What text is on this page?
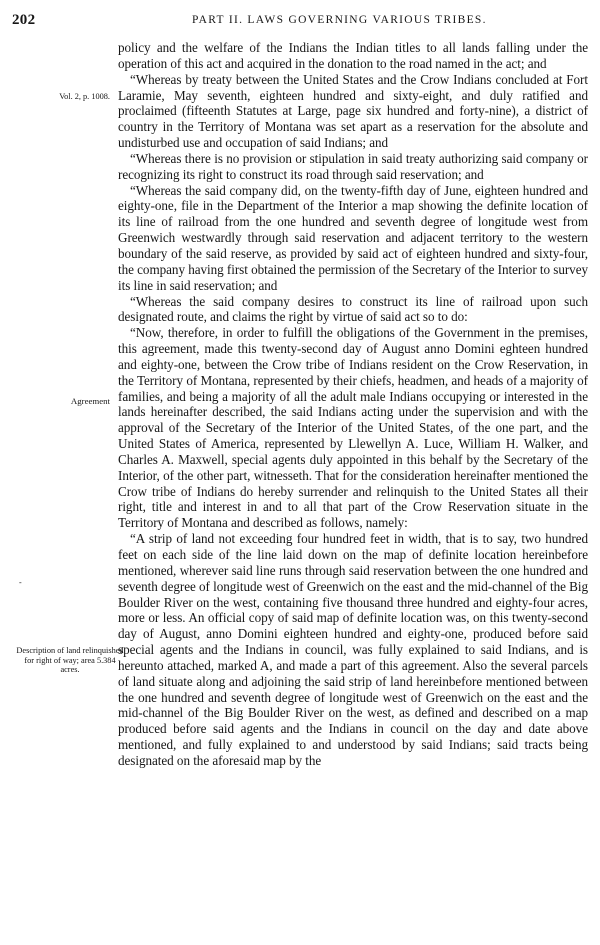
202	PART II. LAWS GOVERNING VARIOUS TRIBES.
Vol. 2, p. 1008.
Agreement
Description of land relinquished for right of way; area 5.384 acres.
-

policy and the welfare of the Indians the Indian titles to all lands falling under the operation of this act and acquired in the donation to the road named in the act; and

“Whereas by treaty between the United States and the Crow Indians concluded at Fort Laramie, May seventh, eighteen hundred and sixty-eight, and duly ratified and proclaimed (fifteenth Statutes at Large, page six hundred and forty-nine), a district of country in the Territory of Montana was set apart as a reservation for the absolute and undisturbed use and occupation of said Indians; and

“Whereas there is no provision or stipulation in said treaty authorizing said company or recognizing its right to construct its road through said reservation; and

“Whereas the said company did, on the twenty-fifth day of June, eighteen hundred and eighty-one, file in the Department of the Interior a map showing the definite location of its line of railroad from the one hundred and seventh degree of longitude west from Greenwich westwardly through said reservation and adjacent territory to the western boundary of the said reserve, as provided by said act of eighteen hundred and sixty-four, the company having first obtained the permission of the Secretary of the Interior to survey its line in said reservation; and

“Whereas the said company desires to construct its line of railroad upon such designated route, and claims the right by virtue of said act so to do:

“Now, therefore, in order to fulfill the obligations of the Government in the premises, this agreement, made this twenty-second day of August anno Domini eghteen hundred and eighty-one, between the Crow tribe of Indians resident on the Crow Reservation, in the Territory of Montana, represented by their chiefs, headmen, and heads of a majority of families, and being a majority of all the adult male Indians occupying or interested in the lands hereinafter described, the said Indians acting under the supervision and with the approval of the Secretary of the Interior of the United States, of the one part, and the United States of America, represented by Llewellyn A. Luce, William H. Walker, and Charles A. Maxwell, special agents duly appointed in this behalf by the Secretary of the Interior, of the other part, witnesseth. That for the consideration hereinafter mentioned the Crow tribe of Indians do hereby surrender and relinquish to the United States all their right, title and interest in and to all that part of the Crow Reservation situate in the Territory of Montana and described as follows, namely:

“A strip of land not exceeding four hundred feet in width, that is to say, two hundred feet on each side of the line laid down on the map of definite location hereinbefore mentioned, wherever said line runs through said reservation between the one hundred and seventh degree of longitude west of Greenwich on the east and the mid-channel of the Big Boulder River on the west, containing five thousand three hundred and eighty-four acres, more or less. An official copy of said map of definite location was, on this twenty-second day of August, anno Domini eighteen hundred and eighty-one, produced before said special agents and the Indians in council, was fully explained to said Indians, and is hereunto attached, marked A, and made a part of this agreement. Also the several parcels of land situate along and adjoining the said strip of land hereinbefore mentioned between the one hundred and seventh degree of longitude west of Greenwich on the east and the mid-channel of the Big Boulder River on the west, as defined and described on a map produced before said agents and the Indians in council on the day and date above mentioned, and fully explained to and understood by said Indians; said tracts being designated on the aforesaid map by the
